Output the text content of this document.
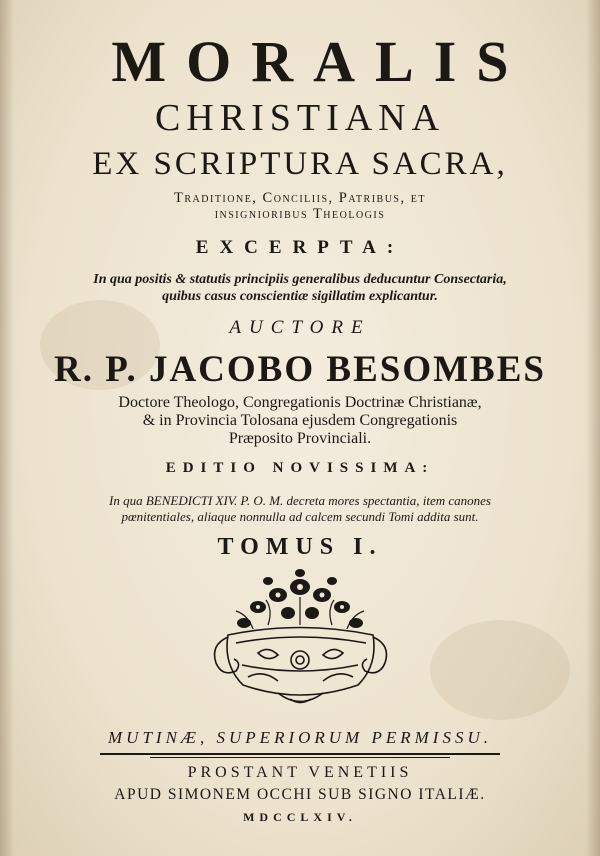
MORALIS
CHRISTIANA
EX SCRIPTURA SACRA,
Traditione, Conciliis, Patribus, et
insignioribus Theologis
EXCERPTA:
In qua positis & statutis principiis generalibus deducuntur Consectaria,
quibus casus conscientiæ sigillatim explicantur.
AUCTORE
R. P. JACOBO BESOMBES
Doctore Theologo, Congregationis Doctrinæ Christianæ,
& in Provincia Tolosana ejusdem Congregationis
Præposito Provinciali.
EDITIO NOVISSIMA:
In qua BENEDICTI XIV. P. O. M. decreta mores spectantia, item canones
pœnitentiales, aliaque nonnulla ad calcem secundi Tomi addita sunt.
TOMUS I.
MUTINÆ, SUPERIORUM PERMISSU.
PROSTANT VENETIIS
APUD SIMONEM OCCHI SUB SIGNO ITALIÆ.
MDCCLXIV.
